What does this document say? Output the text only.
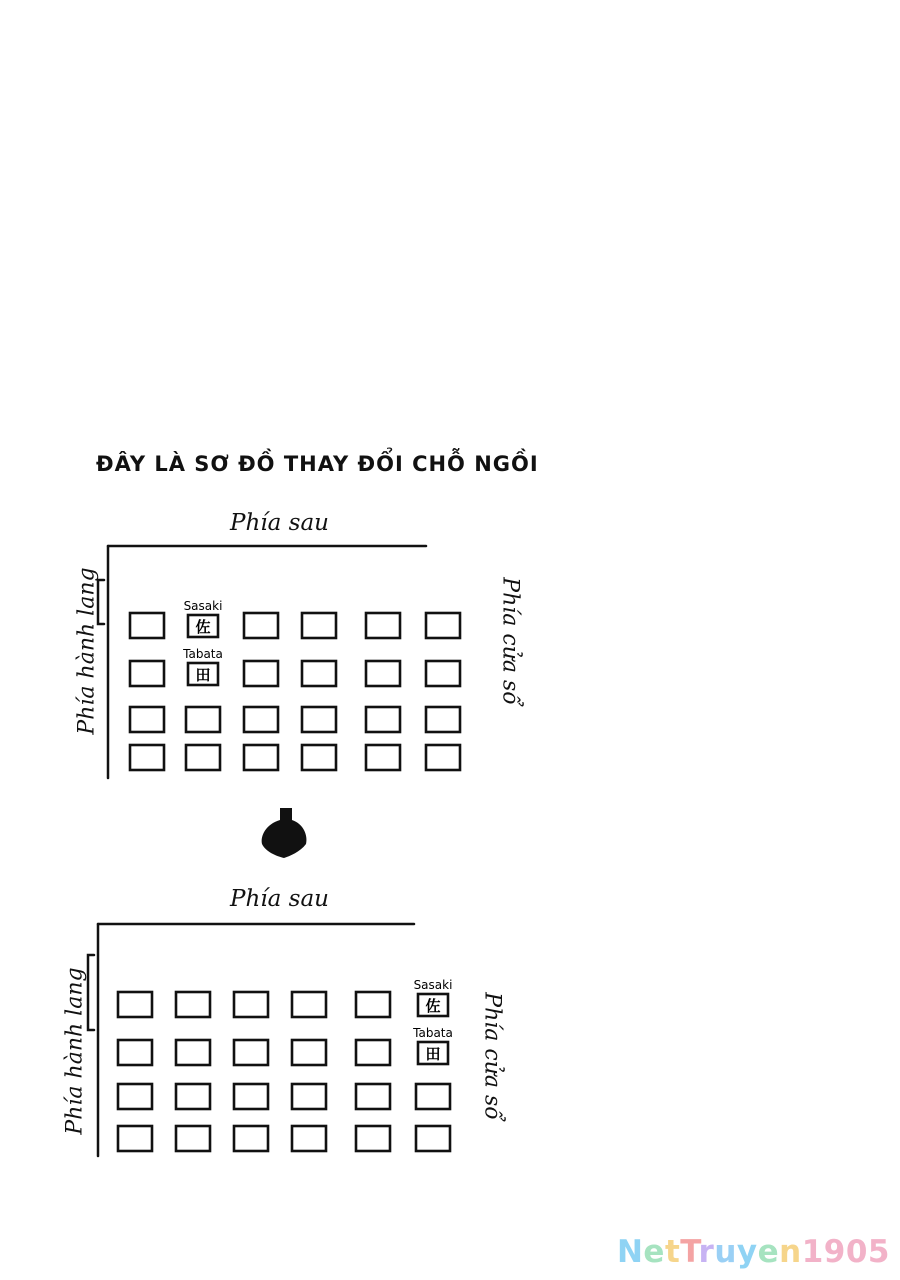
ĐÂY LÀ SƠ ĐỒ THAY ĐỔI CHỖ NGỒI
Phía sau
Phía hành lang	Phía cửa sổ
Phía sau
Phía hành lang	Phía cửa sổ
Sasaki
佐
Tabata
田
Sasaki
佐
Tabata
田
NetTruyen1905
